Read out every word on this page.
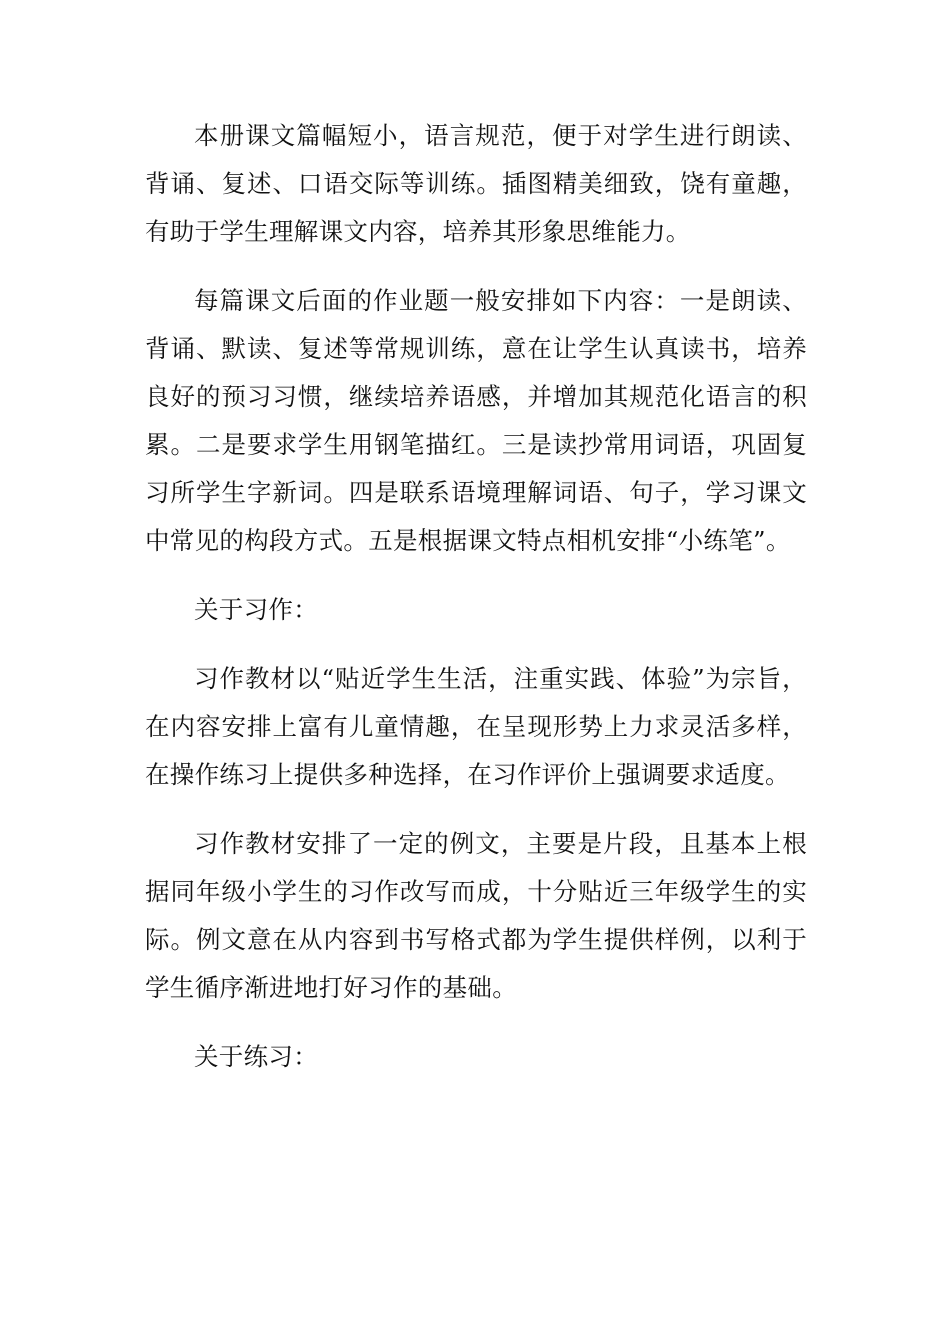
本册课文篇幅短小，语言规范，便于对学生进行朗读、背诵、复述、口语交际等训练。插图精美细致，饶有童趣，有助于学生理解课文内容，培养其形象思维能力。

每篇课文后面的作业题一般安排如下内容：一是朗读、背诵、默读、复述等常规训练，意在让学生认真读书，培养良好的预习习惯，继续培养语感，并增加其规范化语言的积累。二是要求学生用钢笔描红。三是读抄常用词语，巩固复习所学生字新词。四是联系语境理解词语、句子，学习课文中常见的构段方式。五是根据课文特点相机安排“小练笔”。

关于习作：

习作教材以“贴近学生生活，注重实践、体验”为宗旨，在内容安排上富有儿童情趣，在呈现形势上力求灵活多样，在操作练习上提供多种选择，在习作评价上强调要求适度。

习作教材安排了一定的例文，主要是片段，且基本上根据同年级小学生的习作改写而成，十分贴近三年级学生的实际。例文意在从内容到书写格式都为学生提供样例，以利于学生循序渐进地打好习作的基础。

关于练习：
